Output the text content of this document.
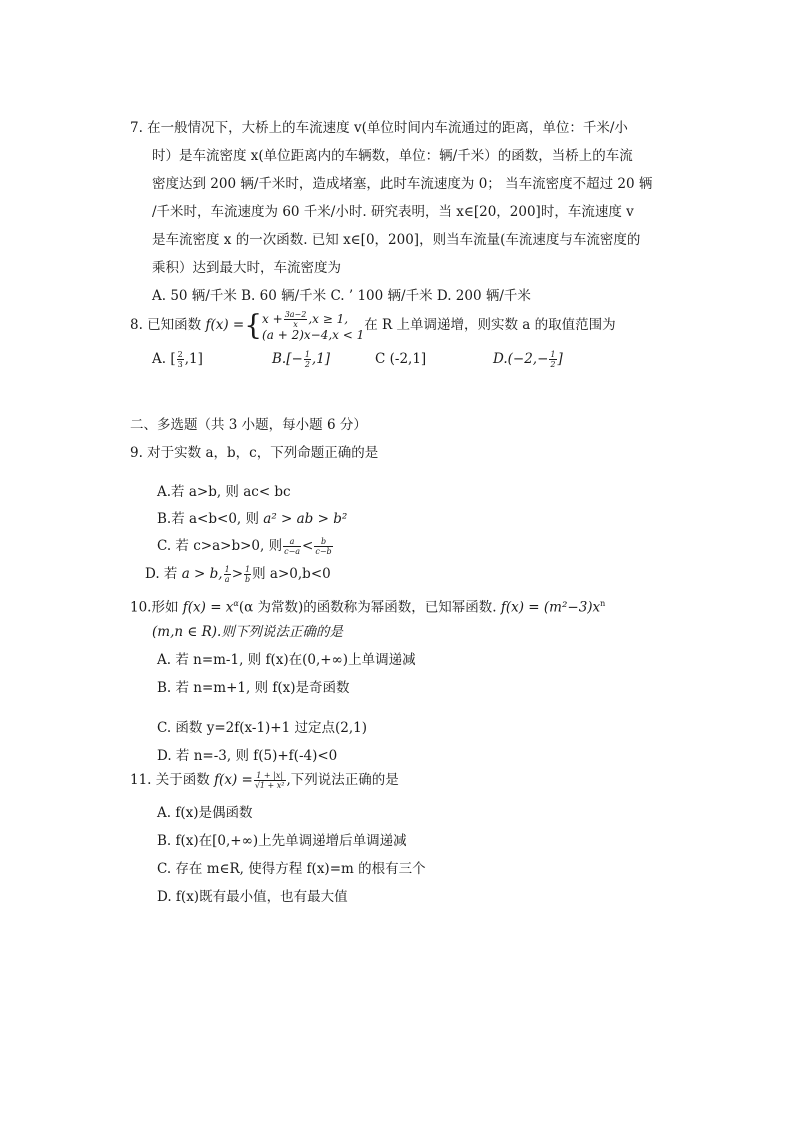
7. 在一般情况下，大桥上的车流速度 v(单位时间内车流通过的距离，单位：千米/小
时）是车流密度 x(单位距离内的车辆数，单位：辆/千米）的函数，当桥上的车流
密度达到 200 辆/千米时，造成堵塞，此时车流速度为 0； 当车流密度不超过 20 辆
/千米时，车流速度为 60 千米/小时. 研究表明，当 x∈[20，200]时，车流速度 v
是车流密度 x 的一次函数. 已知 x∈[0，200]，则当车流量(车流速度与车流密度的
乘积）达到最大时，车流密度为
A. 50 辆/千米 B. 60 辆/千米 C. ’ 100 辆/千米 D. 200 辆/千米
8. 已知函数 f(x) ={ $x + \frac{3a-2}{x} ,x \ge 1$,
(a + 2)x−4,x < 1
在 R 上单调递增，则实数 a 的取值范围为
A. [ $\frac{2}{3} ,1$]	$B.[- \frac{1}{2} ,1]$	C (-2,1]	$D.(-2,- \frac{1}{2}$ ]
二、多选题（共 3 小题，每小题 6 分）
9. 对于实数 a，b，c，下列命题正确的是
A.若 a>b, 则 ac< bc
B.若 a<b<0, 则 a² > ab > b²
C. 若 c>a>b>0, 则 $\frac{a}{c-a} < \frac{b}{c-b}$
D. 若 a > b, $\frac{1}{a} > \frac{1}{b}$ 则 a>0,b<0
10.形如 $f(x) = x^\alpha(\alpha$ 为常数)的函数称为幂函数，已知幂函数. $f(x) = (m^2-3)x^n$
(m,n ∈ R).则下列说法正确的是
A. 若 n=m-1, 则 f(x)在(0,+∞)上单调递减
B. 若 n=m+1, 则 f(x)是奇函数
C. 函数 y=2f(x-1)+1 过定点(2,1)
D. 若 n=-3, 则 f(5)+f(-4)<0
11. 关于函数 $f(x) = \frac{1 + |x|}{\text{√1 + x²}}$ ,下列说法正确的是
A. f(x)是偶函数
B. f(x)在[0,+∞)上先单调递增后单调递减
C. 存在 m∈R, 使得方程 f(x)=m 的根有三个
D. f(x)既有最小值，也有最大值
